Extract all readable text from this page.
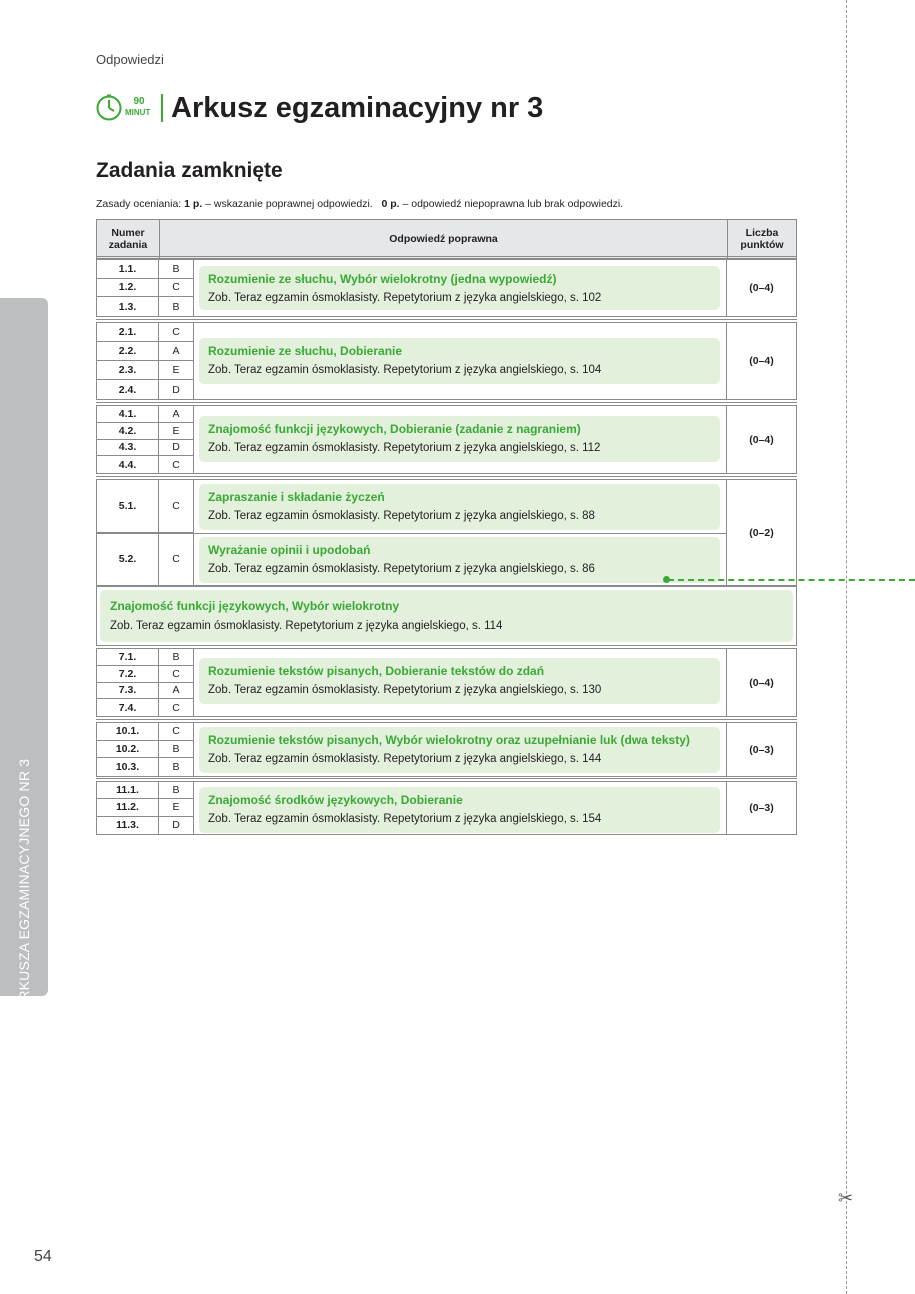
Odpowiedzi
90
MINUT Arkusz egzaminacyjny nr 3
Zadania zamknięte
Zasady oceniania: 1 p. – wskazanie poprawnej odpowiedzi. 0 p. – odpowiedź niepoprawna lub brak odpowiedzi.
Numer zadania	Odpowiedź poprawna	Liczba punktów
1.1.
1.2.
1.3.
B
C
B
Rozumienie ze słuchu, Wybór wielokrotny (jedna wypowiedź)
Zob. Teraz egzamin ósmoklasisty. Repetytorium z języka angielskiego, s. 102
(0–4)
2.1.
2.2.
2.3.
2.4.
C
A
E
D
Rozumienie ze słuchu, Dobieranie
Zob. Teraz egzamin ósmoklasisty. Repetytorium z języka angielskiego, s. 104
(0–4)
4.1.
4.2.
4.3.
4.4.
A
E
D
C
Znajomość funkcji językowych, Dobieranie (zadanie z nagraniem)
Zob. Teraz egzamin ósmoklasisty. Repetytorium z języka angielskiego, s. 112
(0–4)
5.1.
5.2.
C
C
Zapraszanie i składanie życzeń
Zob. Teraz egzamin ósmoklasisty. Repetytorium z języka angielskiego, s. 88
Wyrażanie opinii i upodobań
Zob. Teraz egzamin ósmoklasisty. Repetytorium z języka angielskiego, s. 86
(0–2)
Znajomość funkcji językowych, Wybór wielokrotny
Zob. Teraz egzamin ósmoklasisty. Repetytorium z języka angielskiego, s. 114
7.1.
7.2.
7.3.
7.4.
B
C
A
C
Rozumienie tekstów pisanych, Dobieranie tekstów do zdań
Zob. Teraz egzamin ósmoklasisty. Repetytorium z języka angielskiego, s. 130
(0–4)
10.1.
10.2.
10.3.
C
B
B
Rozumienie tekstów pisanych, Wybór wielokrotny oraz uzupełnianie luk (dwa teksty)
Zob. Teraz egzamin ósmoklasisty. Repetytorium z języka angielskiego, s. 144
(0–3)
11.1.
11.2.
11.3.
B
E
D
Znajomość środków językowych, Dobieranie
Zob. Teraz egzamin ósmoklasisty. Repetytorium z języka angielskiego, s. 154
(0–3)
ODPOWIEDZI DO ARKUSZA EGZAMINACYJNEGO NR 3
✂
54
